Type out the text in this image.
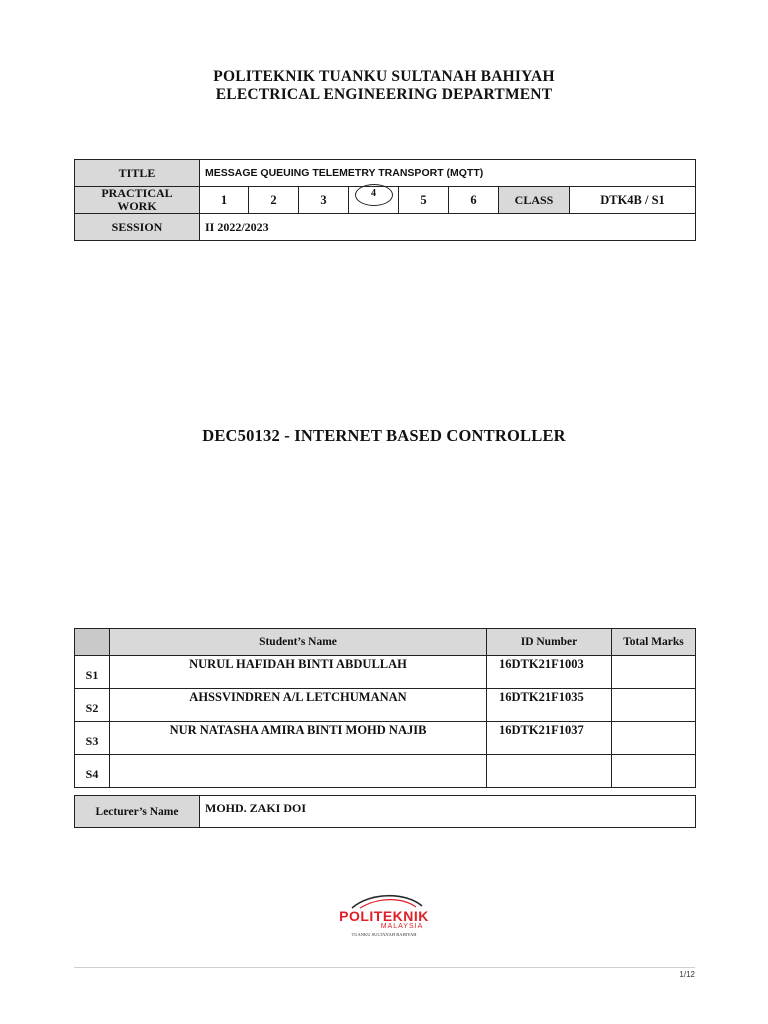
POLITEKNIK TUANKU SULTANAH BAHIYAH
ELECTRICAL ENGINEERING DEPARTMENT
TITLE	MESSAGE QUEUING TELEMETRY TRANSPORT (MQTT)							

PRACTICAL
WORK	1	2	3	4	5	6	CLASS	DTK4B / S1
SESSION	II 2022/2023							
DEC50132 - INTERNET BASED CONTROLLER
	Student’s Name	ID Number	Total Marks
S1	NURUL HAFIDAH BINTI ABDULLAH	16DTK21F1003	
S2	AHSSVINDREN A/L LETCHUMANAN	16DTK21F1035	
S3	NUR NATASHA AMIRA BINTI MOHD NAJIB	16DTK21F1037	
S4			
Lecturer’s Name	MOHD. ZAKI DOI
POLITEKNIK
MALAYSIA
TUANKU SULTANAH BAHIYAH
1/12
